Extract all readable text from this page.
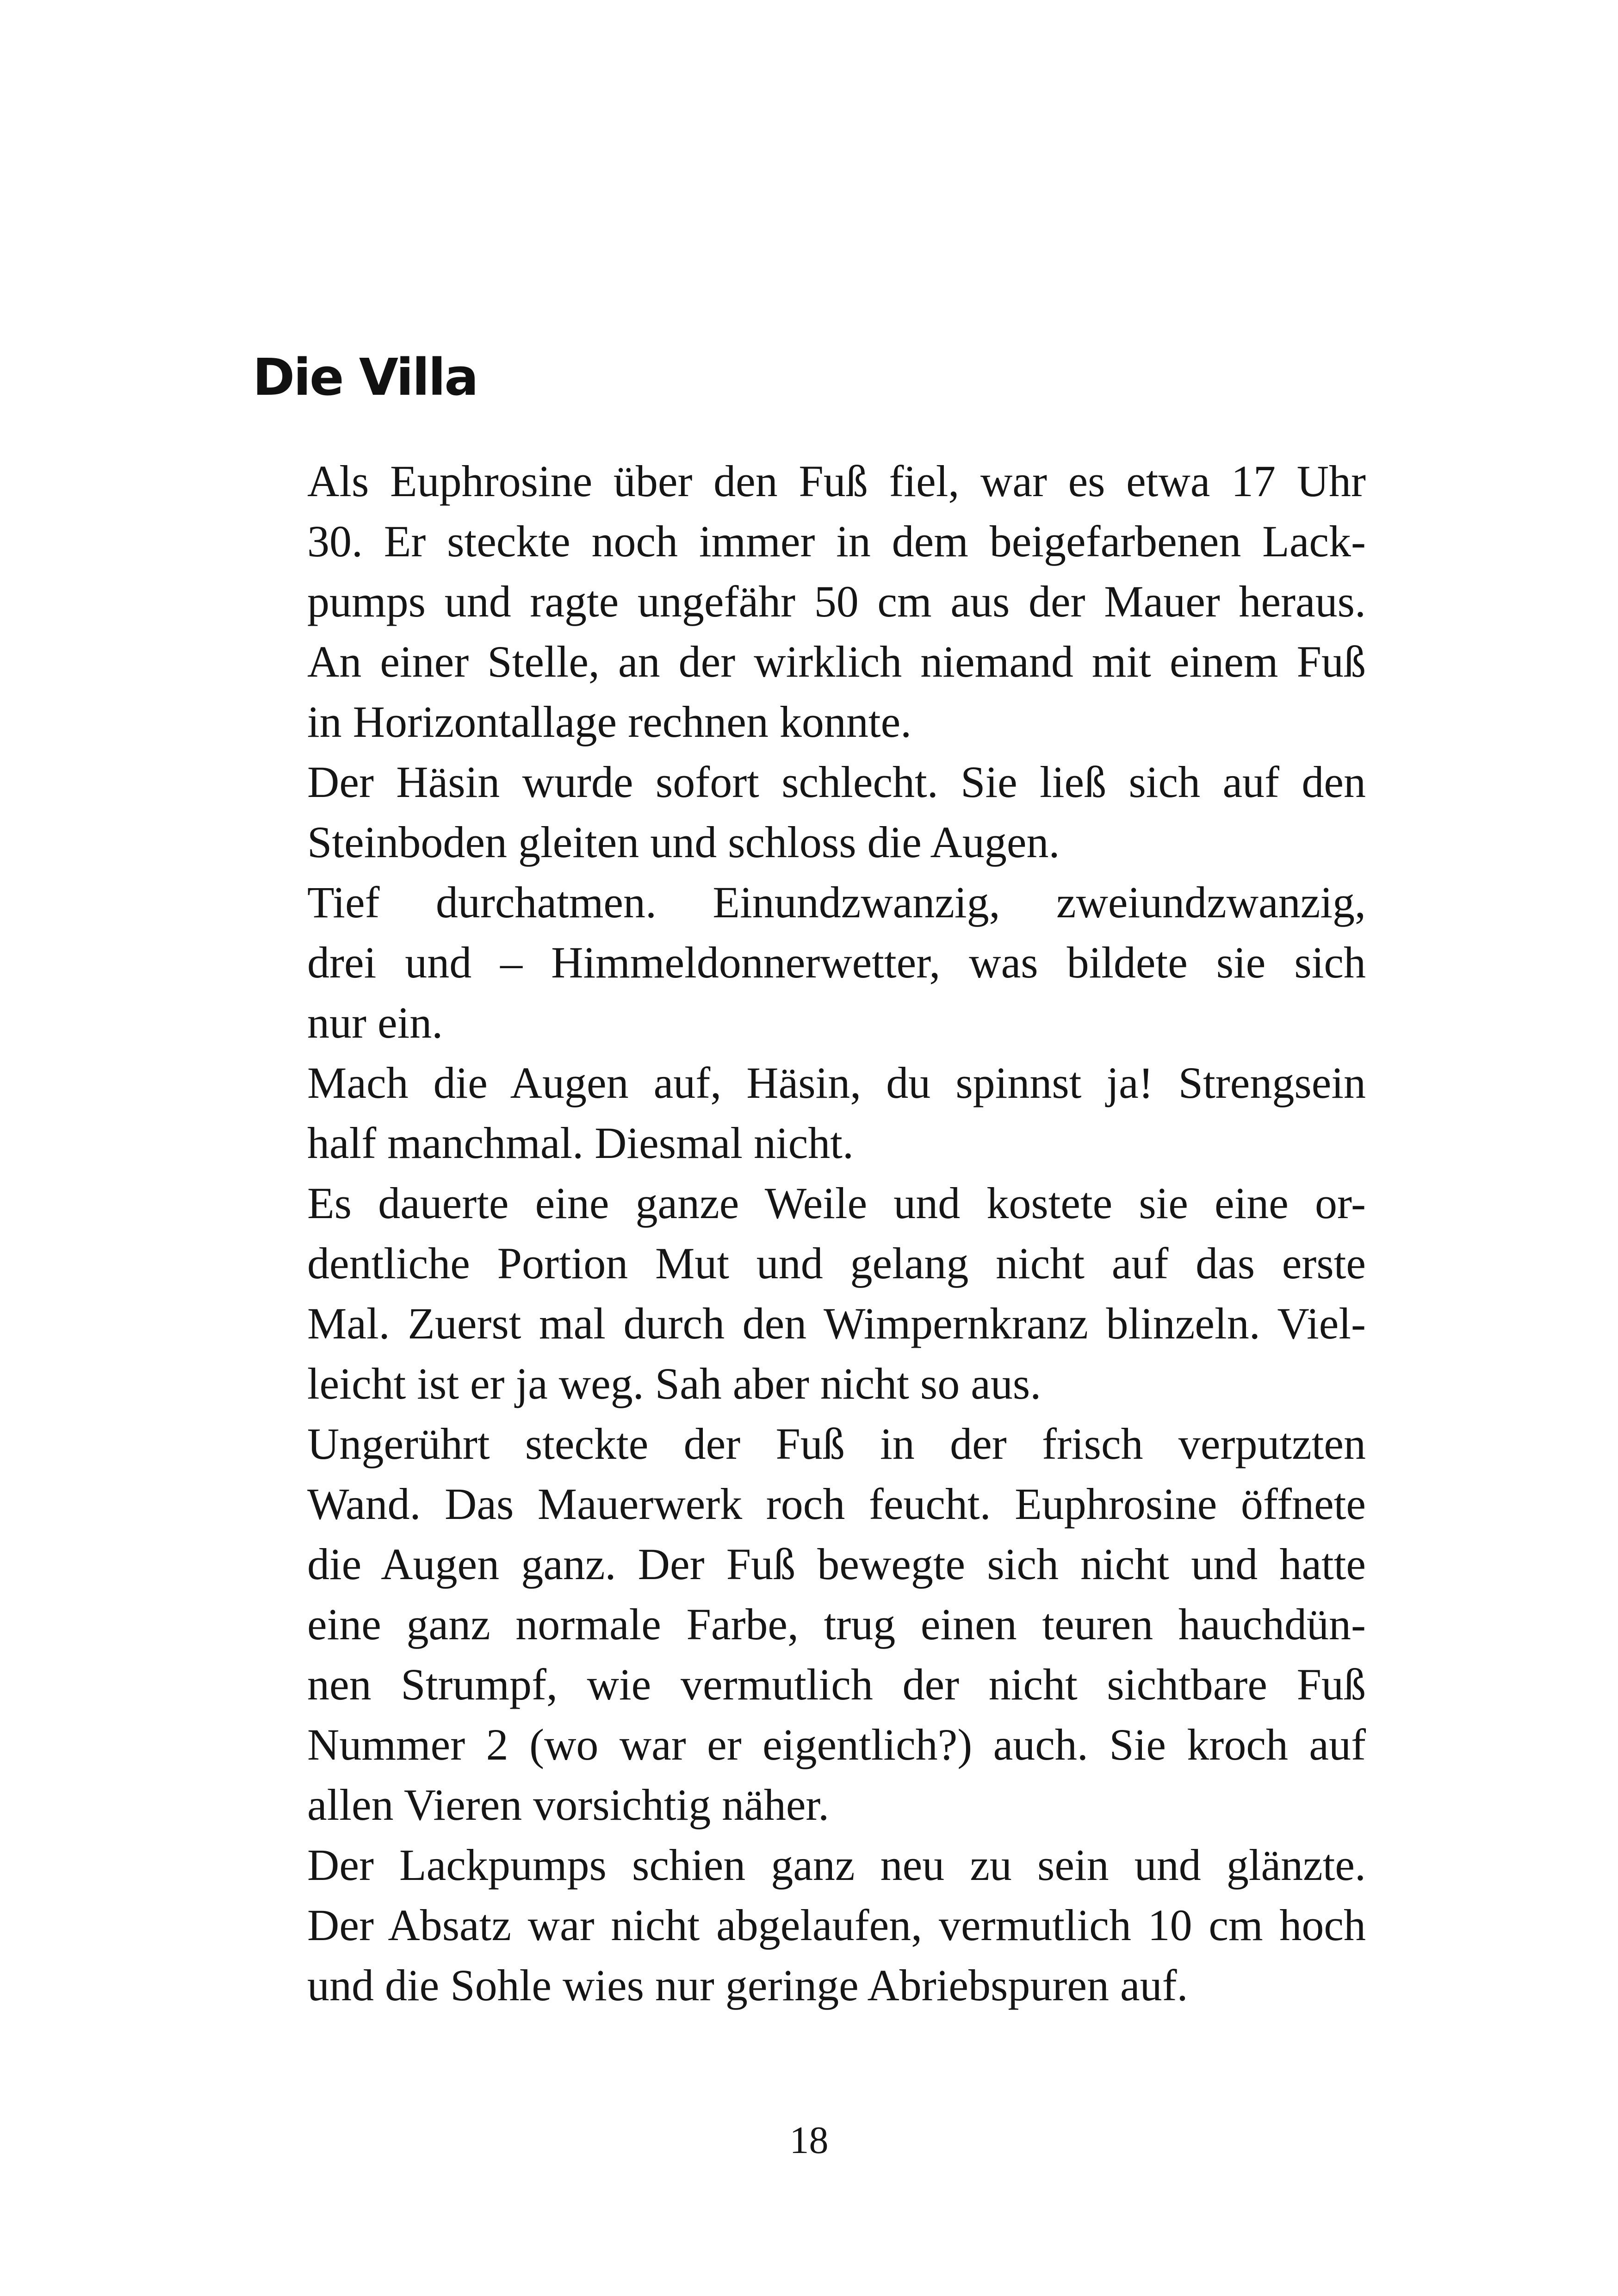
Die Villa

Als Euphrosine über den Fuß fiel, war es etwa 17 Uhr
30. Er steckte noch immer in dem beigefarbenen Lack-
pumps und ragte ungefähr 50 cm aus der Mauer heraus.
An einer Stelle, an der wirklich niemand mit einem Fuß
in Horizontallage rechnen konnte.

Der Häsin wurde sofort schlecht. Sie ließ sich auf den
Steinboden gleiten und schloss die Augen.

Tief durchatmen. Einundzwanzig, zweiundzwanzig,
drei und – Himmeldonnerwetter, was bildete sie sich
nur ein.

Mach die Augen auf, Häsin, du spinnst ja! Strengsein
half manchmal. Diesmal nicht.

Es dauerte eine ganze Weile und kostete sie eine or-
dentliche Portion Mut und gelang nicht auf das erste
Mal. Zuerst mal durch den Wimpernkranz blinzeln. Viel-
leicht ist er ja weg. Sah aber nicht so aus.

Ungerührt steckte der Fuß in der frisch verputzten
Wand. Das Mauerwerk roch feucht. Euphrosine öffnete
die Augen ganz. Der Fuß bewegte sich nicht und hatte
eine ganz normale Farbe, trug einen teuren hauchdün-
nen Strumpf, wie vermutlich der nicht sichtbare Fuß
Nummer 2 (wo war er eigentlich?) auch. Sie kroch auf
allen Vieren vorsichtig näher.

Der Lackpumps schien ganz neu zu sein und glänzte.
Der Absatz war nicht abgelaufen, vermutlich 10 cm hoch
und die Sohle wies nur geringe Abriebspuren auf.

18
